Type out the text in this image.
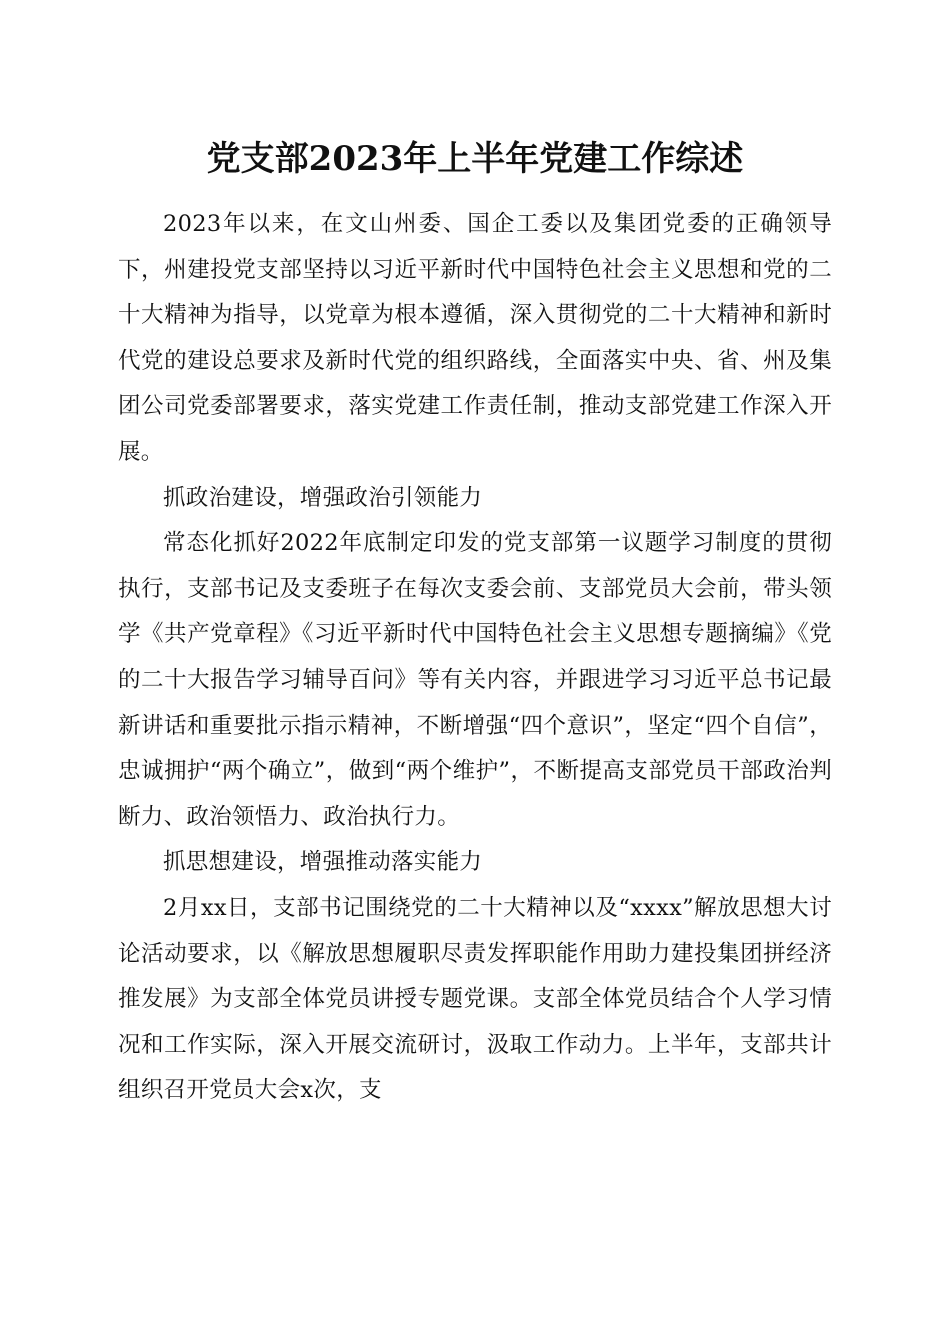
党支部2023年上半年党建工作综述

2023年以来，在文山州委、国企工委以及集团党委的正确领导下，州建投党支部坚持以习近平新时代中国特色社会主义思想和党的二十大精神为指导，以党章为根本遵循，深入贯彻党的二十大精神和新时代党的建设总要求及新时代党的组织路线，全面落实中央、省、州及集团公司党委部署要求，落实党建工作责任制，推动支部党建工作深入开展。

抓政治建设，增强政治引领能力

常态化抓好2022年底制定印发的党支部第一议题学习制度的贯彻执行，支部书记及支委班子在每次支委会前、支部党员大会前，带头领学《共产党章程》《习近平新时代中国特色社会主义思想专题摘编》《党的二十大报告学习辅导百问》等有关内容，并跟进学习习近平总书记最新讲话和重要批示指示精神，不断增强“四个意识”，坚定“四个自信”，忠诚拥护“两个确立”，做到“两个维护”，不断提高支部党员干部政治判断力、政治领悟力、政治执行力。

抓思想建设，增强推动落实能力

2月xx日，支部书记围绕党的二十大精神以及“xxxx”解放思想大讨论活动要求，以《解放思想履职尽责发挥职能作用助力建投集团拼经济推发展》为支部全体党员讲授专题党课。支部全体党员结合个人学习情况和工作实际，深入开展交流研讨，汲取工作动力。上半年，支部共计组织召开党员大会x次，支
